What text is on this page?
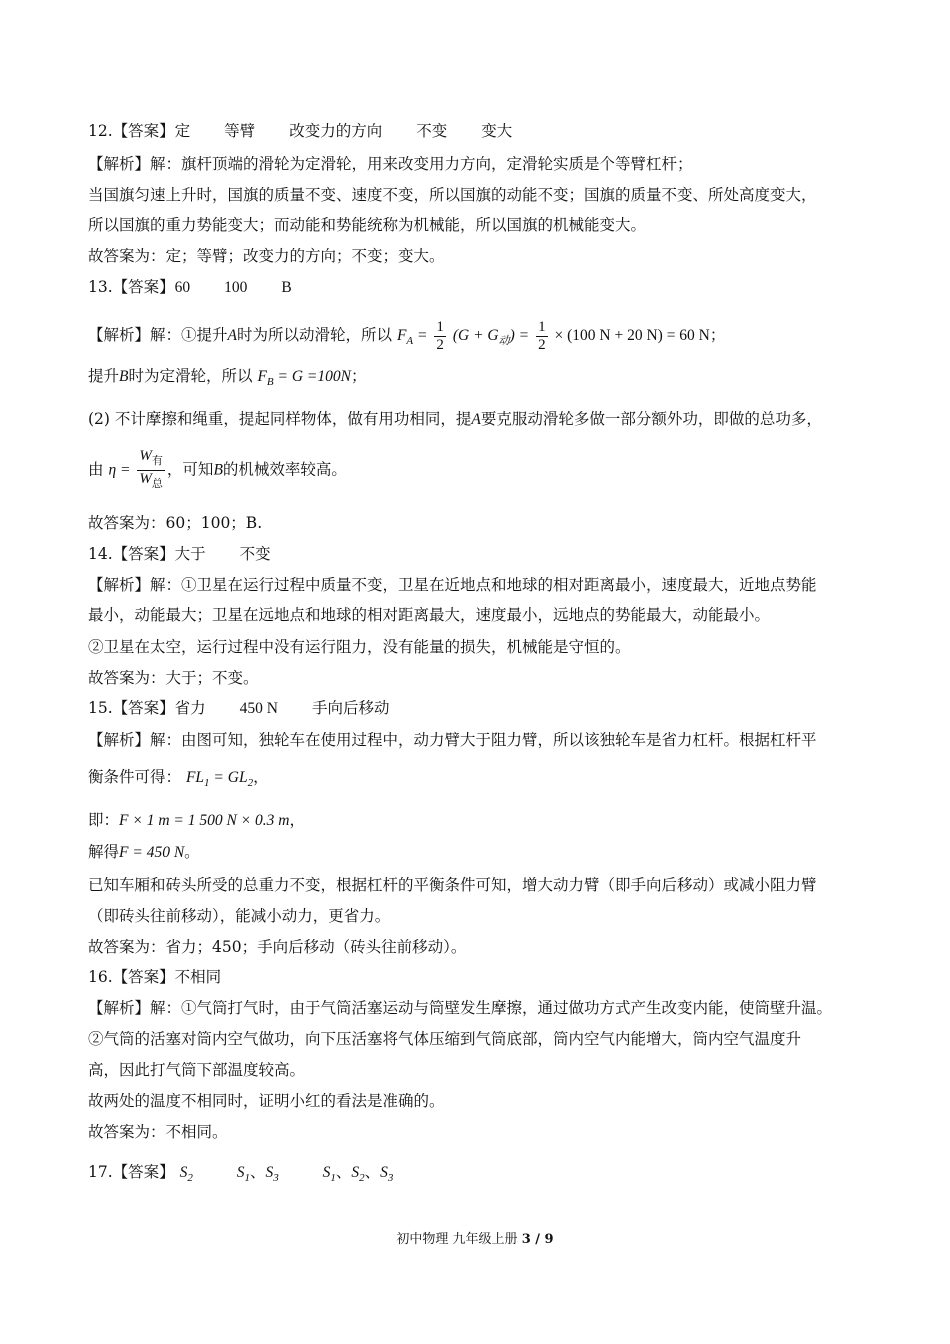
12.【答案】定 等臂 改变力的方向 不变 变大
【解析】解：旗杆顶端的滑轮为定滑轮，用来改变用力方向，定滑轮实质是个等臂杠杆；
当国旗匀速上升时，国旗的质量不变、速度不变，所以国旗的动能不变；国旗的质量不变、所处高度变大，
所以国旗的重力势能变大；而动能和势能统称为机械能，所以国旗的机械能变大。
故答案为：定；等臂；改变力的方向；不变；变大。
13.【答案】60 100 B
【解析】解：①提升A时为所以动滑轮，所以 $F_A = \frac{1}{2} (G + G_动) = \frac{1}{2} \times (100$ N + 20 N) = 60 N；
提升B时为定滑轮，所以 $F_B = G =100N$；
(2) 不计摩擦和绳重，提起同样物体，做有用功相同，提A要克服动滑轮多做一部分额外功，即做的总功多，
由 $\eta = \frac{W_有}{W_总}$ ，可知B的机械效率较高。
故答案为：60；100；B.
14.【答案】大于 不变
【解析】解：①卫星在运行过程中质量不变，卫星在近地点和地球的相对距离最小，速度最大，近地点势能
最小，动能最大；卫星在远地点和地球的相对距离最大，速度最小，远地点的势能最大，动能最小。
②卫星在太空，运行过程中没有运行阻力，没有能量的损失，机械能是守恒的。
故答案为：大于；不变。
15.【答案】省力 450 N 手向后移动
【解析】解：由图可知，独轮车在使用过程中，动力臂大于阻力臂，所以该独轮车是省力杠杆。根据杠杆平
衡条件可得： $FL_1 = GL_2$，
即：F × 1 m = 1 500 N × 0.3 m，
解得F = 450 N。
已知车厢和砖头所受的总重力不变，根据杠杆的平衡条件可知，增大动力臂（即手向后移动）或减小阻力臂
（即砖头往前移动），能减小动力，更省力。
故答案为：省力；450；手向后移动（砖头往前移动）。
16.【答案】不相同
【解析】解：①气筒打气时，由于气筒活塞运动与筒壁发生摩擦，通过做功方式产生改变内能，使筒壁升温。
②气筒的活塞对筒内空气做功，向下压活塞将气体压缩到气筒底部，筒内空气内能增大，筒内空气温度升
高，因此打气筒下部温度较高。
故两处的温度不相同时，证明小红的看法是准确的。
故答案为：不相同。
17.【答案】 $S_2$	$S_1$、$S_3$	$S_1$、$S_2$、$S_3$
初中物理 九年级上册 3 / 9
